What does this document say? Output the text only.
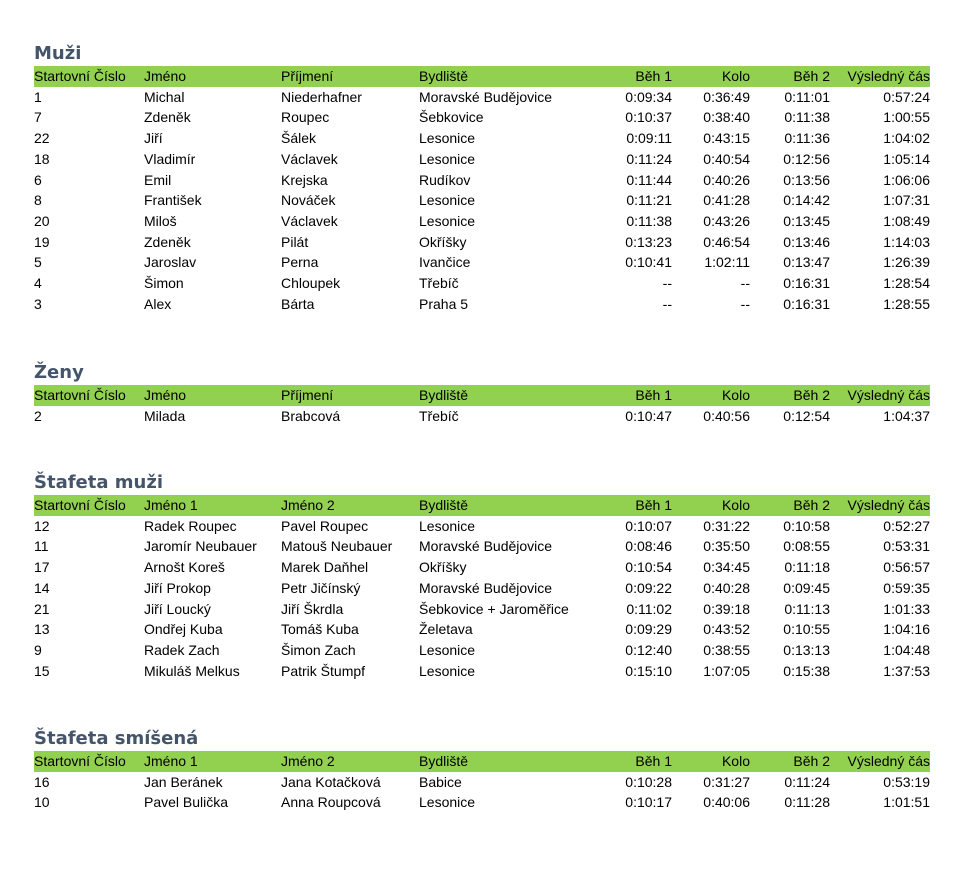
Muži
Startovní Číslo	Jméno	Příjmení	Bydliště	Běh 1	Kolo	Běh 2	Výsledný čás
1	Michal	Niederhafner	Moravské Budějovice	0:09:34	0:36:49	0:11:01	0:57:24
7	Zdeněk	Roupec	Šebkovice	0:10:37	0:38:40	0:11:38	1:00:55
22	Jiří	Šálek	Lesonice	0:09:11	0:43:15	0:11:36	1:04:02
18	Vladimír	Václavek	Lesonice	0:11:24	0:40:54	0:12:56	1:05:14
6	Emil	Krejska	Rudíkov	0:11:44	0:40:26	0:13:56	1:06:06
8	František	Nováček	Lesonice	0:11:21	0:41:28	0:14:42	1:07:31
20	Miloš	Václavek	Lesonice	0:11:38	0:43:26	0:13:45	1:08:49
19	Zdeněk	Pilát	Okříšky	0:13:23	0:46:54	0:13:46	1:14:03
5	Jaroslav	Perna	Ivančice	0:10:41	1:02:11	0:13:47	1:26:39
4	Šimon	Chloupek	Třebíč	--	--	0:16:31	1:28:54
3	Alex	Bárta	Praha 5	--	--	0:16:31	1:28:55
Ženy
Startovní Číslo	Jméno	Příjmení	Bydliště	Běh 1	Kolo	Běh 2	Výsledný čás
2	Milada	Brabcová	Třebíč	0:10:47	0:40:56	0:12:54	1:04:37
Štafeta muži
Startovní Číslo	Jméno 1	Jméno 2	Bydliště	Běh 1	Kolo	Běh 2	Výsledný čás
12	Radek Roupec	Pavel Roupec	Lesonice	0:10:07	0:31:22	0:10:58	0:52:27
11	Jaromír Neubauer	Matouš Neubauer	Moravské Budějovice	0:08:46	0:35:50	0:08:55	0:53:31
17	Arnošt Koreš	Marek Daňhel	Okříšky	0:10:54	0:34:45	0:11:18	0:56:57
14	Jiří Prokop	Petr Jičínský	Moravské Budějovice	0:09:22	0:40:28	0:09:45	0:59:35
21	Jiří Loucký	Jiří Škrdla	Šebkovice + Jaroměřice	0:11:02	0:39:18	0:11:13	1:01:33
13	Ondřej Kuba	Tomáš Kuba	Želetava	0:09:29	0:43:52	0:10:55	1:04:16
9	Radek Zach	Šimon Zach	Lesonice	0:12:40	0:38:55	0:13:13	1:04:48
15	Mikuláš Melkus	Patrik Štumpf	Lesonice	0:15:10	1:07:05	0:15:38	1:37:53
Štafeta smíšená
Startovní Číslo	Jméno 1	Jméno 2	Bydliště	Běh 1	Kolo	Běh 2	Výsledný čás
16	Jan Beránek	Jana Kotačková	Babice	0:10:28	0:31:27	0:11:24	0:53:19
10	Pavel Bulička	Anna Roupcová	Lesonice	0:10:17	0:40:06	0:11:28	1:01:51
